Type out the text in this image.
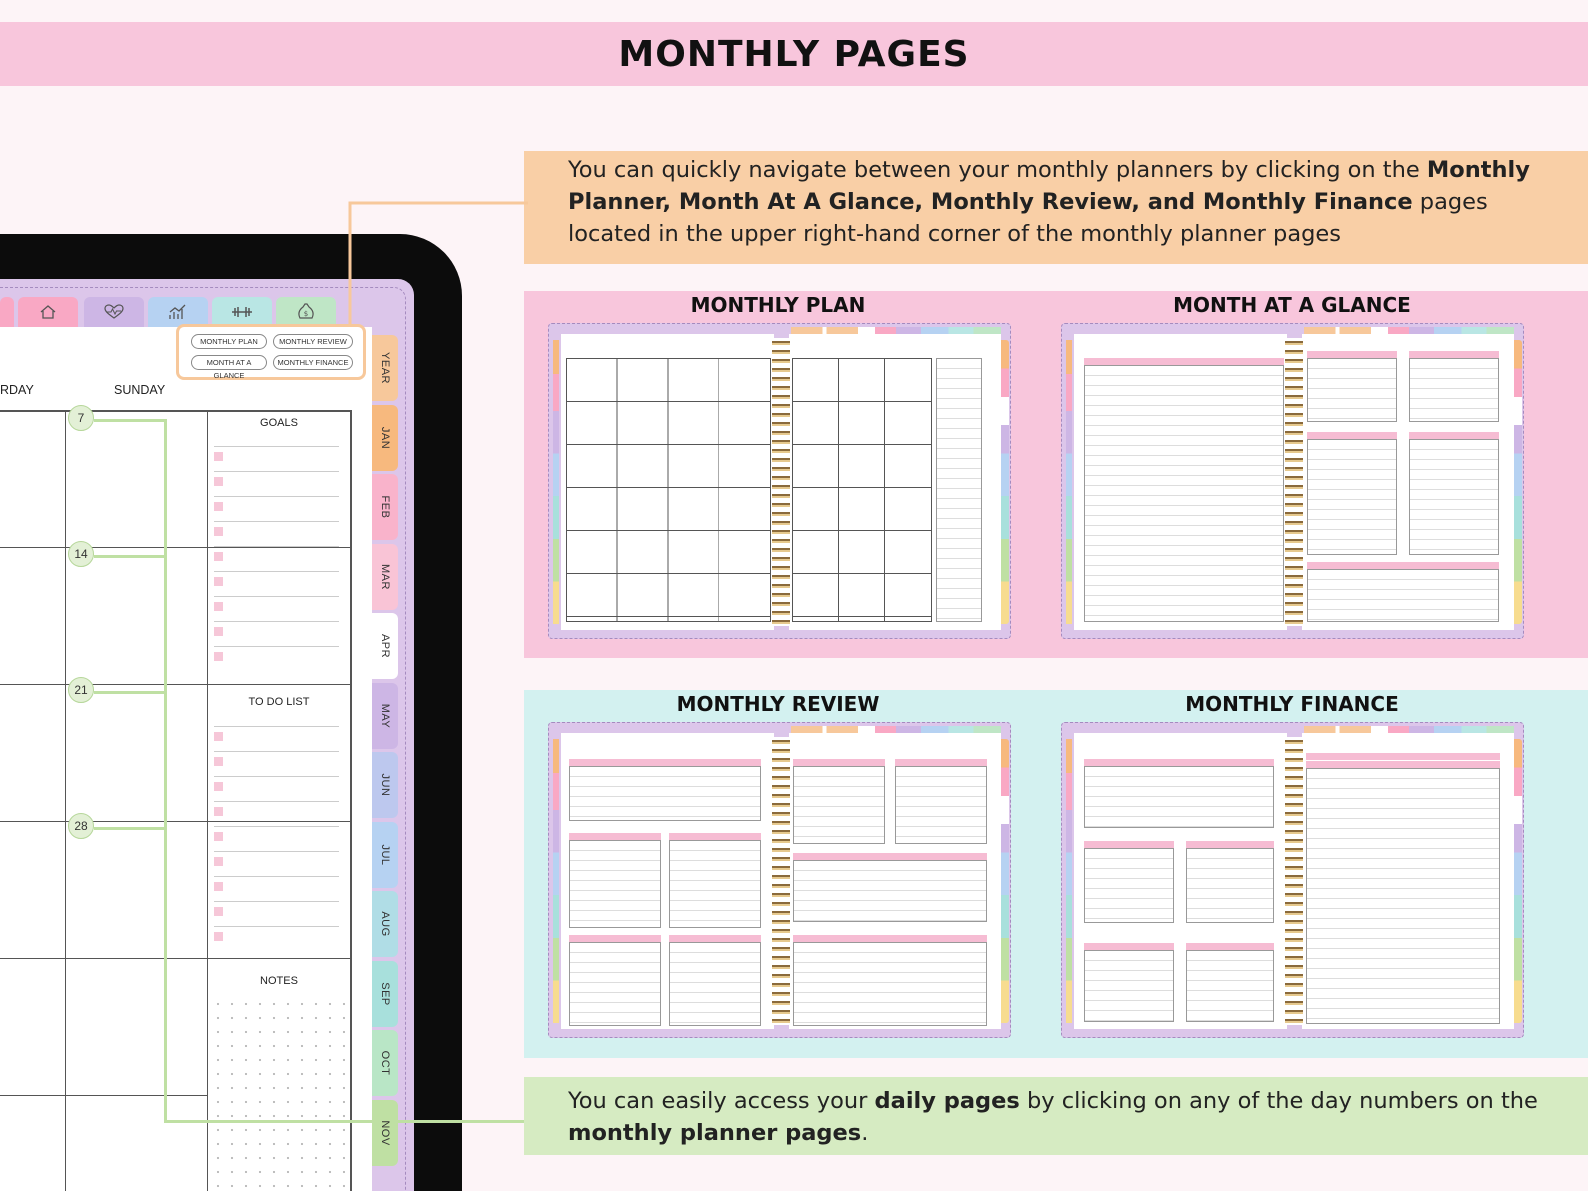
MONTHLY PAGES
You can quickly navigate between your monthly planners by clicking on the Monthly Planner, Month At A Glance, Monthly Review, and Monthly Finance pages located in the upper right-hand corner of the monthly planner pages
$
MONTHLY PLAN	MONTHLY REVIEW
MONTH AT A GLANCE
MONTHLY FINANCE
RDAY	SUNDAY
7
14
21
28
GOALS
TO DO LIST
NOTES
YEAR
JAN
FEB
MAR
APR
MAY
JUN
JUL
AUG
SEP
OCT
NOV
MONTHLY PLAN	MONTH AT A GLANCE
MONTHLY REVIEW	MONTHLY FINANCE
You can easily access your daily pages by clicking on any of the day numbers on the monthly planner pages.
